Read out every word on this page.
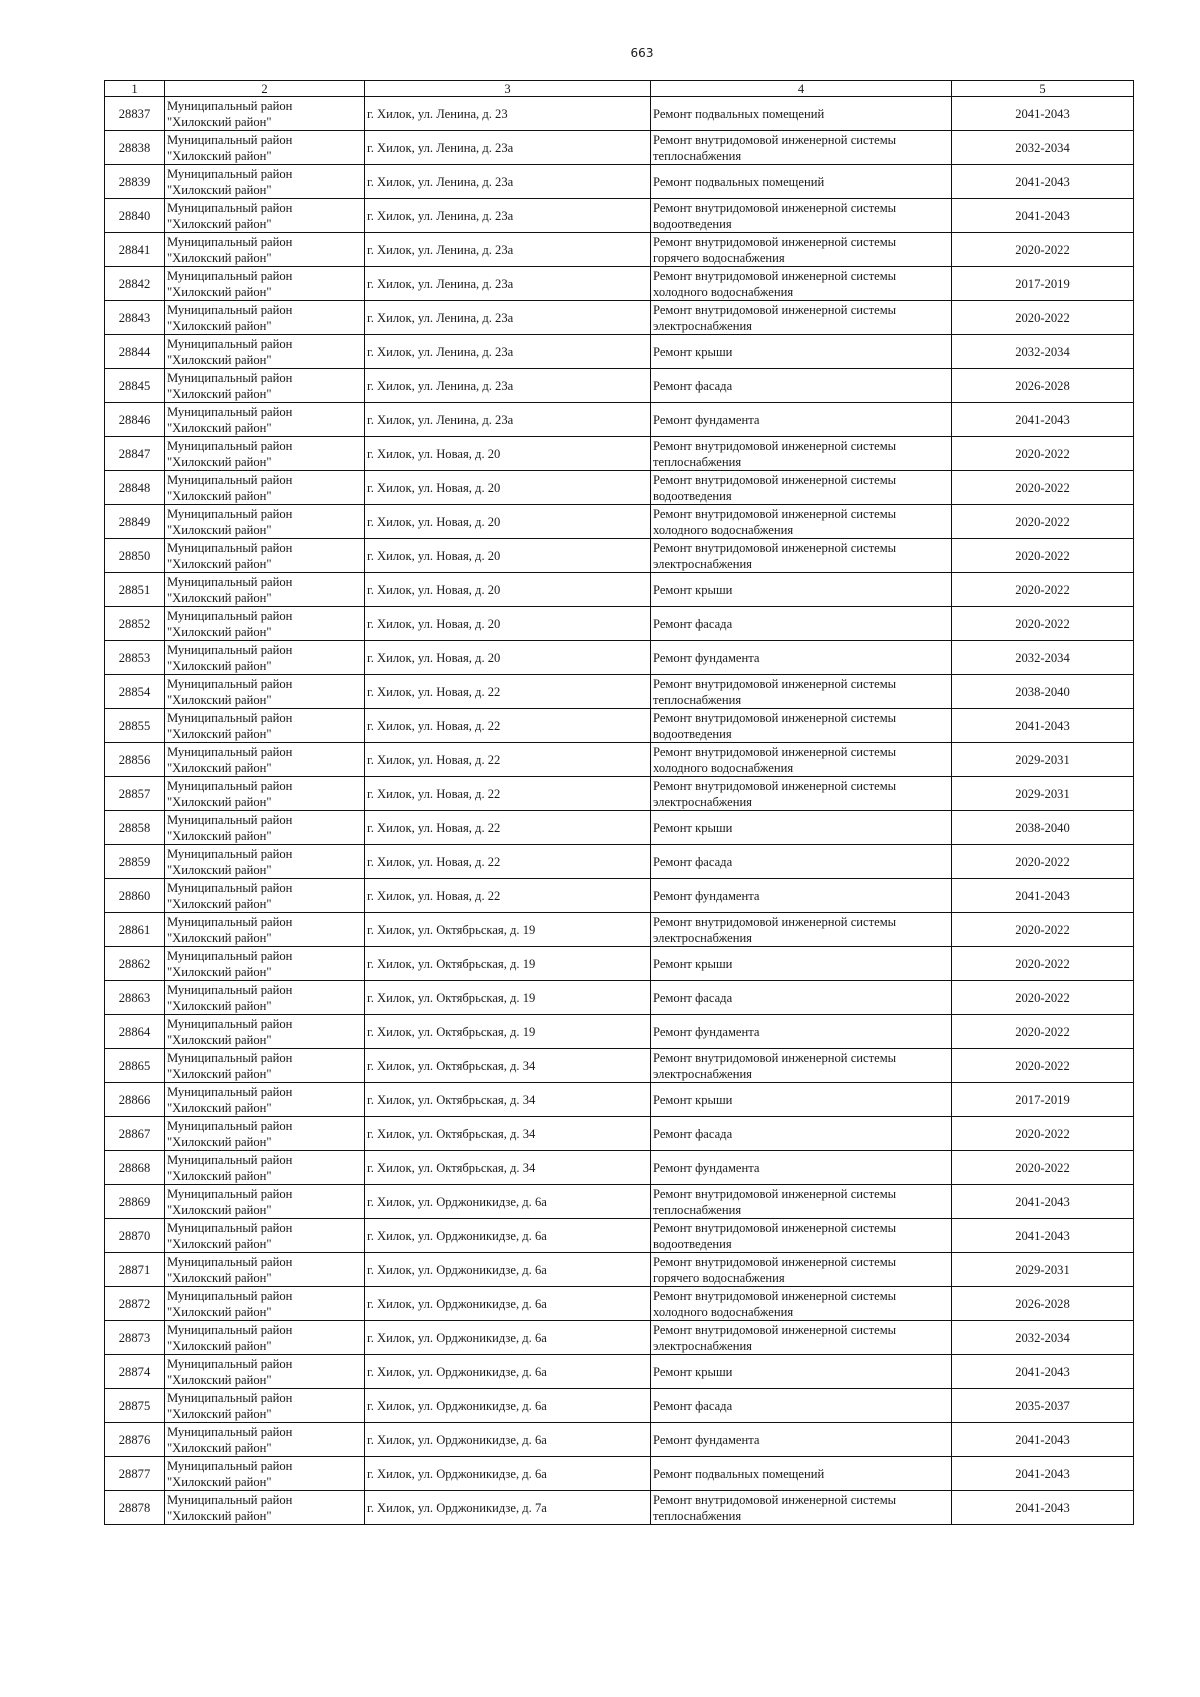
663
1	2	3	4	5

28837	Муниципальный район
"Хилокский район"	г. Хилок, ул. Ленина, д. 23	Ремонт подвальных помещений	2041-2043

28838	Муниципальный район
"Хилокский район"	г. Хилок, ул. Ленина, д. 23а	Ремонт внутридомовой инженерной системы
теплоснабжения	2032-2034

28839	Муниципальный район
"Хилокский район"	г. Хилок, ул. Ленина, д. 23а	Ремонт подвальных помещений	2041-2043

28840	Муниципальный район
"Хилокский район"	г. Хилок, ул. Ленина, д. 23а	Ремонт внутридомовой инженерной системы
водоотведения	2041-2043

28841	Муниципальный район
"Хилокский район"	г. Хилок, ул. Ленина, д. 23а	Ремонт внутридомовой инженерной системы
горячего водоснабжения	2020-2022

28842	Муниципальный район
"Хилокский район"	г. Хилок, ул. Ленина, д. 23а	Ремонт внутридомовой инженерной системы
холодного водоснабжения	2017-2019

28843	Муниципальный район
"Хилокский район"	г. Хилок, ул. Ленина, д. 23а	Ремонт внутридомовой инженерной системы
электроснабжения	2020-2022

28844	Муниципальный район
"Хилокский район"	г. Хилок, ул. Ленина, д. 23а	Ремонт крыши	2032-2034

28845	Муниципальный район
"Хилокский район"	г. Хилок, ул. Ленина, д. 23а	Ремонт фасада	2026-2028

28846	Муниципальный район
"Хилокский район"	г. Хилок, ул. Ленина, д. 23а	Ремонт фундамента	2041-2043

28847	Муниципальный район
"Хилокский район"	г. Хилок, ул. Новая, д. 20	Ремонт внутридомовой инженерной системы
теплоснабжения	2020-2022

28848	Муниципальный район
"Хилокский район"	г. Хилок, ул. Новая, д. 20	Ремонт внутридомовой инженерной системы
водоотведения	2020-2022

28849	Муниципальный район
"Хилокский район"	г. Хилок, ул. Новая, д. 20	Ремонт внутридомовой инженерной системы
холодного водоснабжения	2020-2022

28850	Муниципальный район
"Хилокский район"	г. Хилок, ул. Новая, д. 20	Ремонт внутридомовой инженерной системы
электроснабжения	2020-2022

28851	Муниципальный район
"Хилокский район"	г. Хилок, ул. Новая, д. 20	Ремонт крыши	2020-2022

28852	Муниципальный район
"Хилокский район"	г. Хилок, ул. Новая, д. 20	Ремонт фасада	2020-2022

28853	Муниципальный район
"Хилокский район"	г. Хилок, ул. Новая, д. 20	Ремонт фундамента	2032-2034

28854	Муниципальный район
"Хилокский район"	г. Хилок, ул. Новая, д. 22	Ремонт внутридомовой инженерной системы
теплоснабжения	2038-2040

28855	Муниципальный район
"Хилокский район"	г. Хилок, ул. Новая, д. 22	Ремонт внутридомовой инженерной системы
водоотведения	2041-2043

28856	Муниципальный район
"Хилокский район"	г. Хилок, ул. Новая, д. 22	Ремонт внутридомовой инженерной системы
холодного водоснабжения	2029-2031

28857	Муниципальный район
"Хилокский район"	г. Хилок, ул. Новая, д. 22	Ремонт внутридомовой инженерной системы
электроснабжения	2029-2031

28858	Муниципальный район
"Хилокский район"	г. Хилок, ул. Новая, д. 22	Ремонт крыши	2038-2040

28859	Муниципальный район
"Хилокский район"	г. Хилок, ул. Новая, д. 22	Ремонт фасада	2020-2022

28860	Муниципальный район
"Хилокский район"	г. Хилок, ул. Новая, д. 22	Ремонт фундамента	2041-2043

28861	Муниципальный район
"Хилокский район"	г. Хилок, ул. Октябрьская, д. 19	Ремонт внутридомовой инженерной системы
электроснабжения	2020-2022

28862	Муниципальный район
"Хилокский район"	г. Хилок, ул. Октябрьская, д. 19	Ремонт крыши	2020-2022

28863	Муниципальный район
"Хилокский район"	г. Хилок, ул. Октябрьская, д. 19	Ремонт фасада	2020-2022

28864	Муниципальный район
"Хилокский район"	г. Хилок, ул. Октябрьская, д. 19	Ремонт фундамента	2020-2022

28865	Муниципальный район
"Хилокский район"	г. Хилок, ул. Октябрьская, д. 34	Ремонт внутридомовой инженерной системы
электроснабжения	2020-2022

28866	Муниципальный район
"Хилокский район"	г. Хилок, ул. Октябрьская, д. 34	Ремонт крыши	2017-2019

28867	Муниципальный район
"Хилокский район"	г. Хилок, ул. Октябрьская, д. 34	Ремонт фасада	2020-2022

28868	Муниципальный район
"Хилокский район"	г. Хилок, ул. Октябрьская, д. 34	Ремонт фундамента	2020-2022

28869	Муниципальный район
"Хилокский район"	г. Хилок, ул. Орджоникидзе, д. 6а	Ремонт внутридомовой инженерной системы
теплоснабжения	2041-2043

28870	Муниципальный район
"Хилокский район"	г. Хилок, ул. Орджоникидзе, д. 6а	Ремонт внутридомовой инженерной системы
водоотведения	2041-2043

28871	Муниципальный район
"Хилокский район"	г. Хилок, ул. Орджоникидзе, д. 6а	Ремонт внутридомовой инженерной системы
горячего водоснабжения	2029-2031

28872	Муниципальный район
"Хилокский район"	г. Хилок, ул. Орджоникидзе, д. 6а	Ремонт внутридомовой инженерной системы
холодного водоснабжения	2026-2028

28873	Муниципальный район
"Хилокский район"	г. Хилок, ул. Орджоникидзе, д. 6а	Ремонт внутридомовой инженерной системы
электроснабжения	2032-2034

28874	Муниципальный район
"Хилокский район"	г. Хилок, ул. Орджоникидзе, д. 6а	Ремонт крыши	2041-2043

28875	Муниципальный район
"Хилокский район"	г. Хилок, ул. Орджоникидзе, д. 6а	Ремонт фасада	2035-2037

28876	Муниципальный район
"Хилокский район"	г. Хилок, ул. Орджоникидзе, д. 6а	Ремонт фундамента	2041-2043

28877	Муниципальный район
"Хилокский район"	г. Хилок, ул. Орджоникидзе, д. 6а	Ремонт подвальных помещений	2041-2043

28878	Муниципальный район
"Хилокский район"	г. Хилок, ул. Орджоникидзе, д. 7а	Ремонт внутридомовой инженерной системы
теплоснабжения	2041-2043
